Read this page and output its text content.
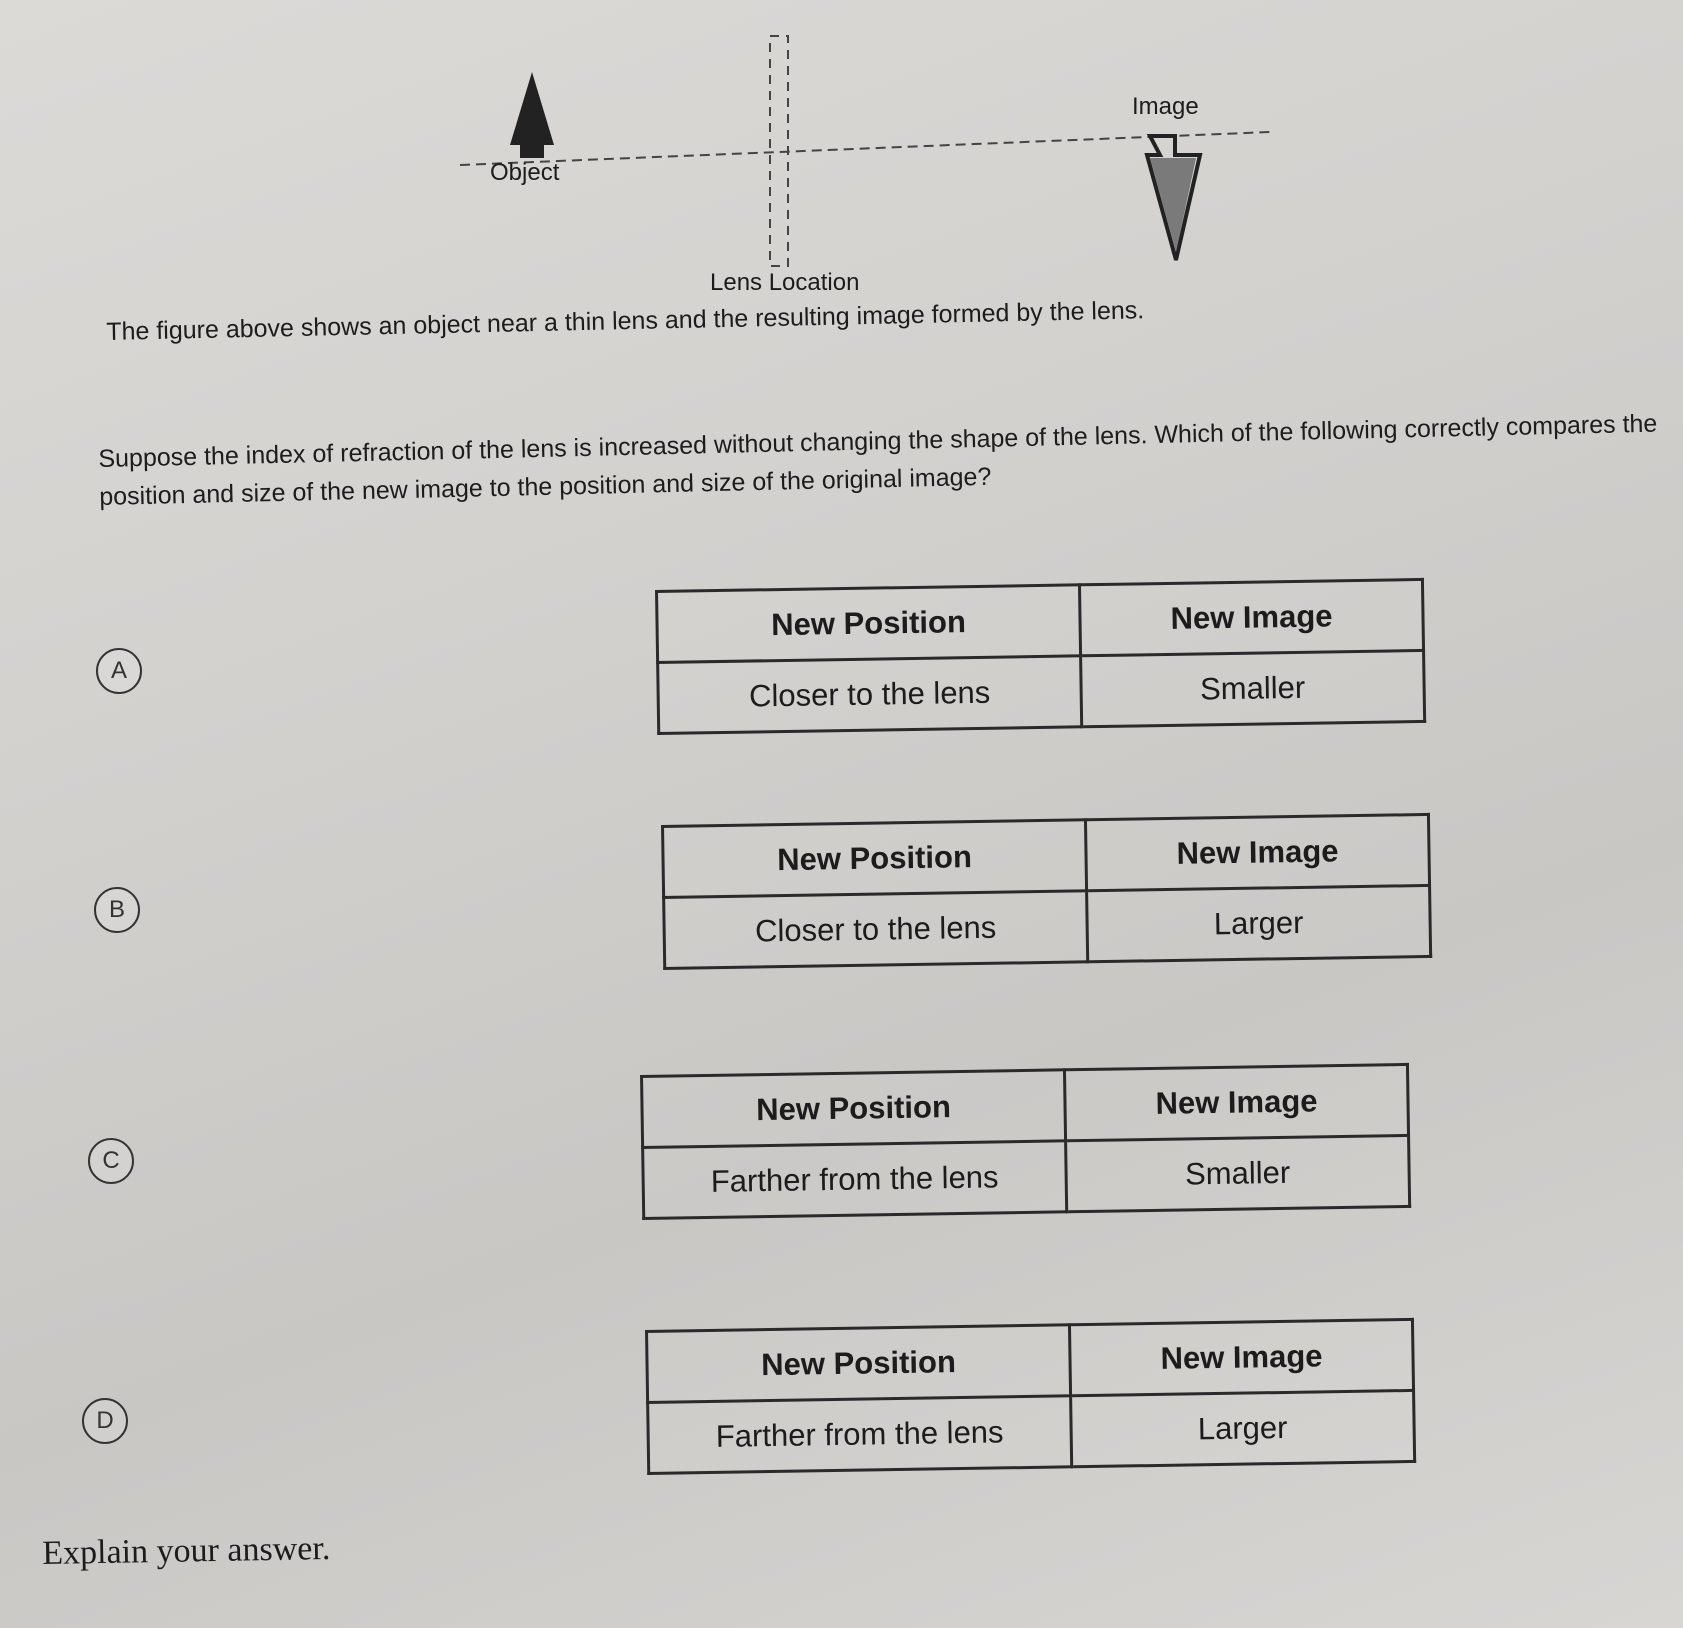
Object
Image
Lens Location
The figure above shows an object near a thin lens and the resulting image formed by the lens.
Suppose the index of refraction of the lens is increased without changing the shape of the lens. Which of the following correctly compares the position and size of the new image to the position and size of the original image?
A
New Position	New Image
Closer to the lens	Smaller
B
New Position	New Image
Closer to the lens	Larger
C
New Position	New Image
Farther from the lens	Smaller
D
New Position	New Image
Farther from the lens	Larger
Explain your answer.
